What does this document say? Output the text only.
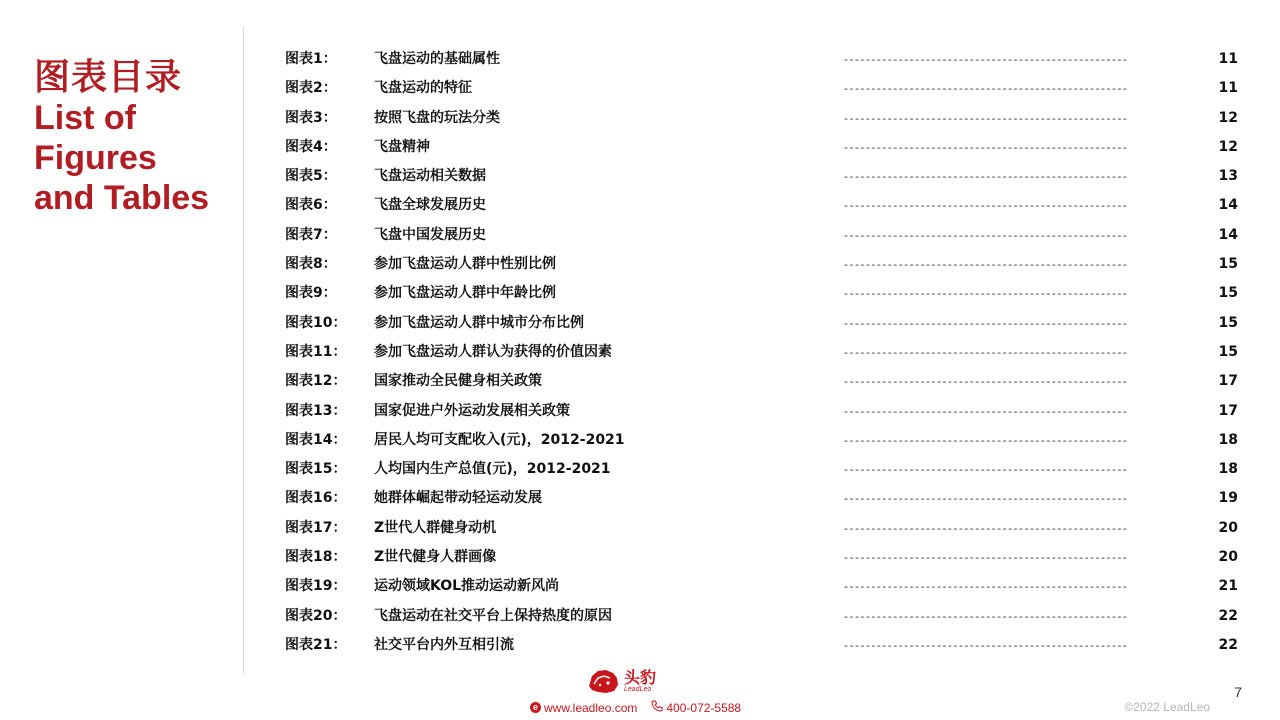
图表目录
List of
Figures
and Tables
图表1：	飞盘运动的基础属性	----------------------------------------------------	11
图表2：	飞盘运动的特征	----------------------------------------------------	11
图表3：	按照飞盘的玩法分类	----------------------------------------------------	12
图表4：	飞盘精神	----------------------------------------------------	12
图表5：	飞盘运动相关数据	----------------------------------------------------	13
图表6：	飞盘全球发展历史	----------------------------------------------------	14
图表7：	飞盘中国发展历史	----------------------------------------------------	14
图表8：	参加飞盘运动人群中性别比例	----------------------------------------------------	15
图表9：	参加飞盘运动人群中年龄比例	----------------------------------------------------	15
图表10： 参加飞盘运动人群中城市分布比例	----------------------------------------------------	15
图表11： 参加飞盘运动人群认为获得的价值因素	----------------------------------------------------	15
图表12： 国家推动全民健身相关政策	----------------------------------------------------	17
图表13： 国家促进户外运动发展相关政策	----------------------------------------------------	17
图表14： 居民人均可支配收入(元)，2012-2021	----------------------------------------------------	18
图表15： 人均国内生产总值(元)，2012-2021	----------------------------------------------------	18
图表16： 她群体崛起带动轻运动发展	----------------------------------------------------	19
图表17： Z世代人群健身动机	----------------------------------------------------	20
图表18： Z世代健身人群画像	----------------------------------------------------	20
图表19： 运动领域KOL推动运动新风尚	----------------------------------------------------	21
图表20： 飞盘运动在社交平台上保持热度的原因	----------------------------------------------------	22
图表21： 社交平台内外互相引流	----------------------------------------------------	22
7
头豹
LeadLeo
e www.leadleo.com 400-072-5588	©2022 LeadLeo
